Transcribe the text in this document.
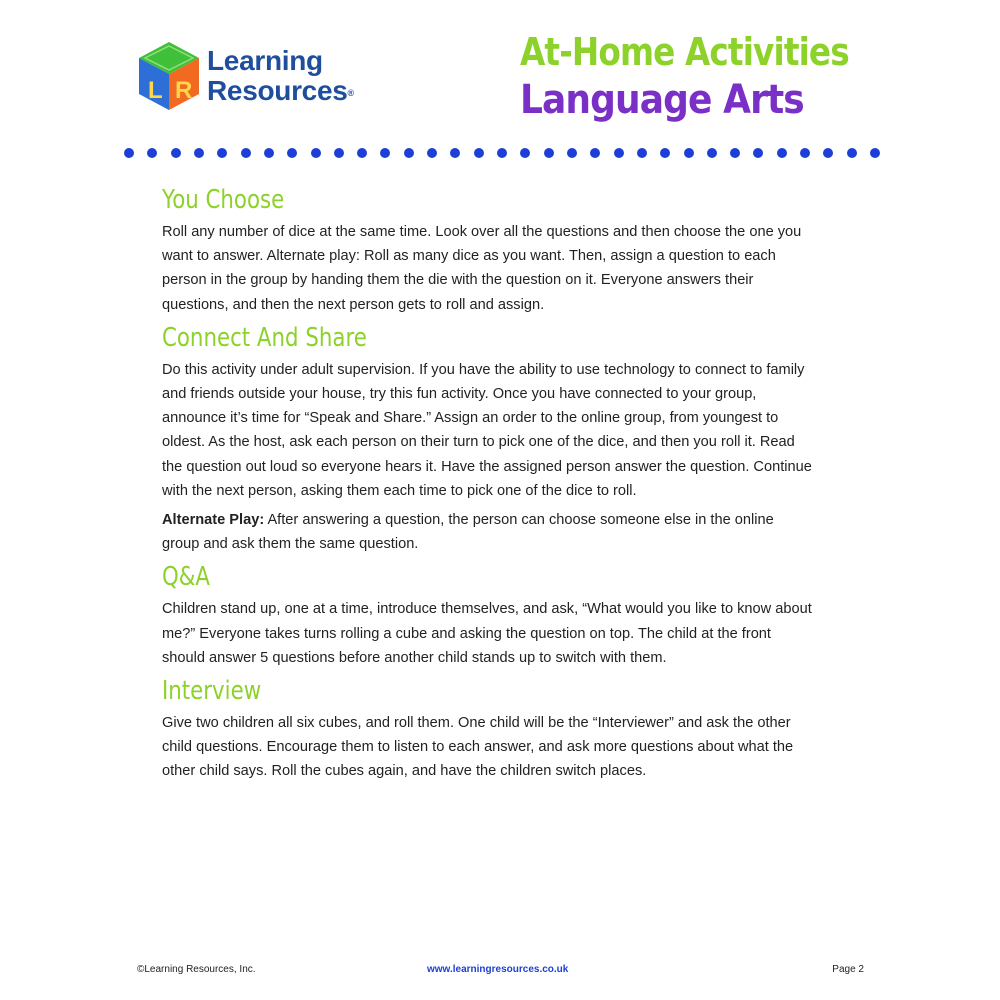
L R
Learning
Resources®
At-Home Activities
Language Arts
You Choose

Roll any number of dice at the same time. Look over all the questions and then choose the one you want to answer. Alternate play: Roll as many dice as you want. Then, assign a question to each person in the group by handing them the die with the question on it. Everyone answers their questions, and then the next person gets to roll and assign.

Connect And Share

Do this activity under adult supervision. If you have the ability to use technology to connect to family and friends outside your house, try this fun activity. Once you have connected to your group, announce it’s time for “Speak and Share.” Assign an order to the online group, from youngest to oldest. As the host, ask each person on their turn to pick one of the dice, and then you roll it. Read the question out loud so everyone hears it. Have the assigned person answer the question. Continue with the next person, asking them each time to pick one of the dice to roll.

Alternate Play: After answering a question, the person can choose someone else in the online group and ask them the same question.

Q&A

Children stand up, one at a time, introduce themselves, and ask, “What would you like to know about me?” Everyone takes turns rolling a cube and asking the question on top. The child at the front should answer 5 questions before another child stands up to switch with them.

Interview

Give two children all six cubes, and roll them. One child will be the “Interviewer” and ask the other child questions. Encourage them to listen to each answer, and ask more questions about what the other child says. Roll the cubes again, and have the children switch places.

©Learning Resources, Inc.	www.learningresources.co.uk	Page 2
